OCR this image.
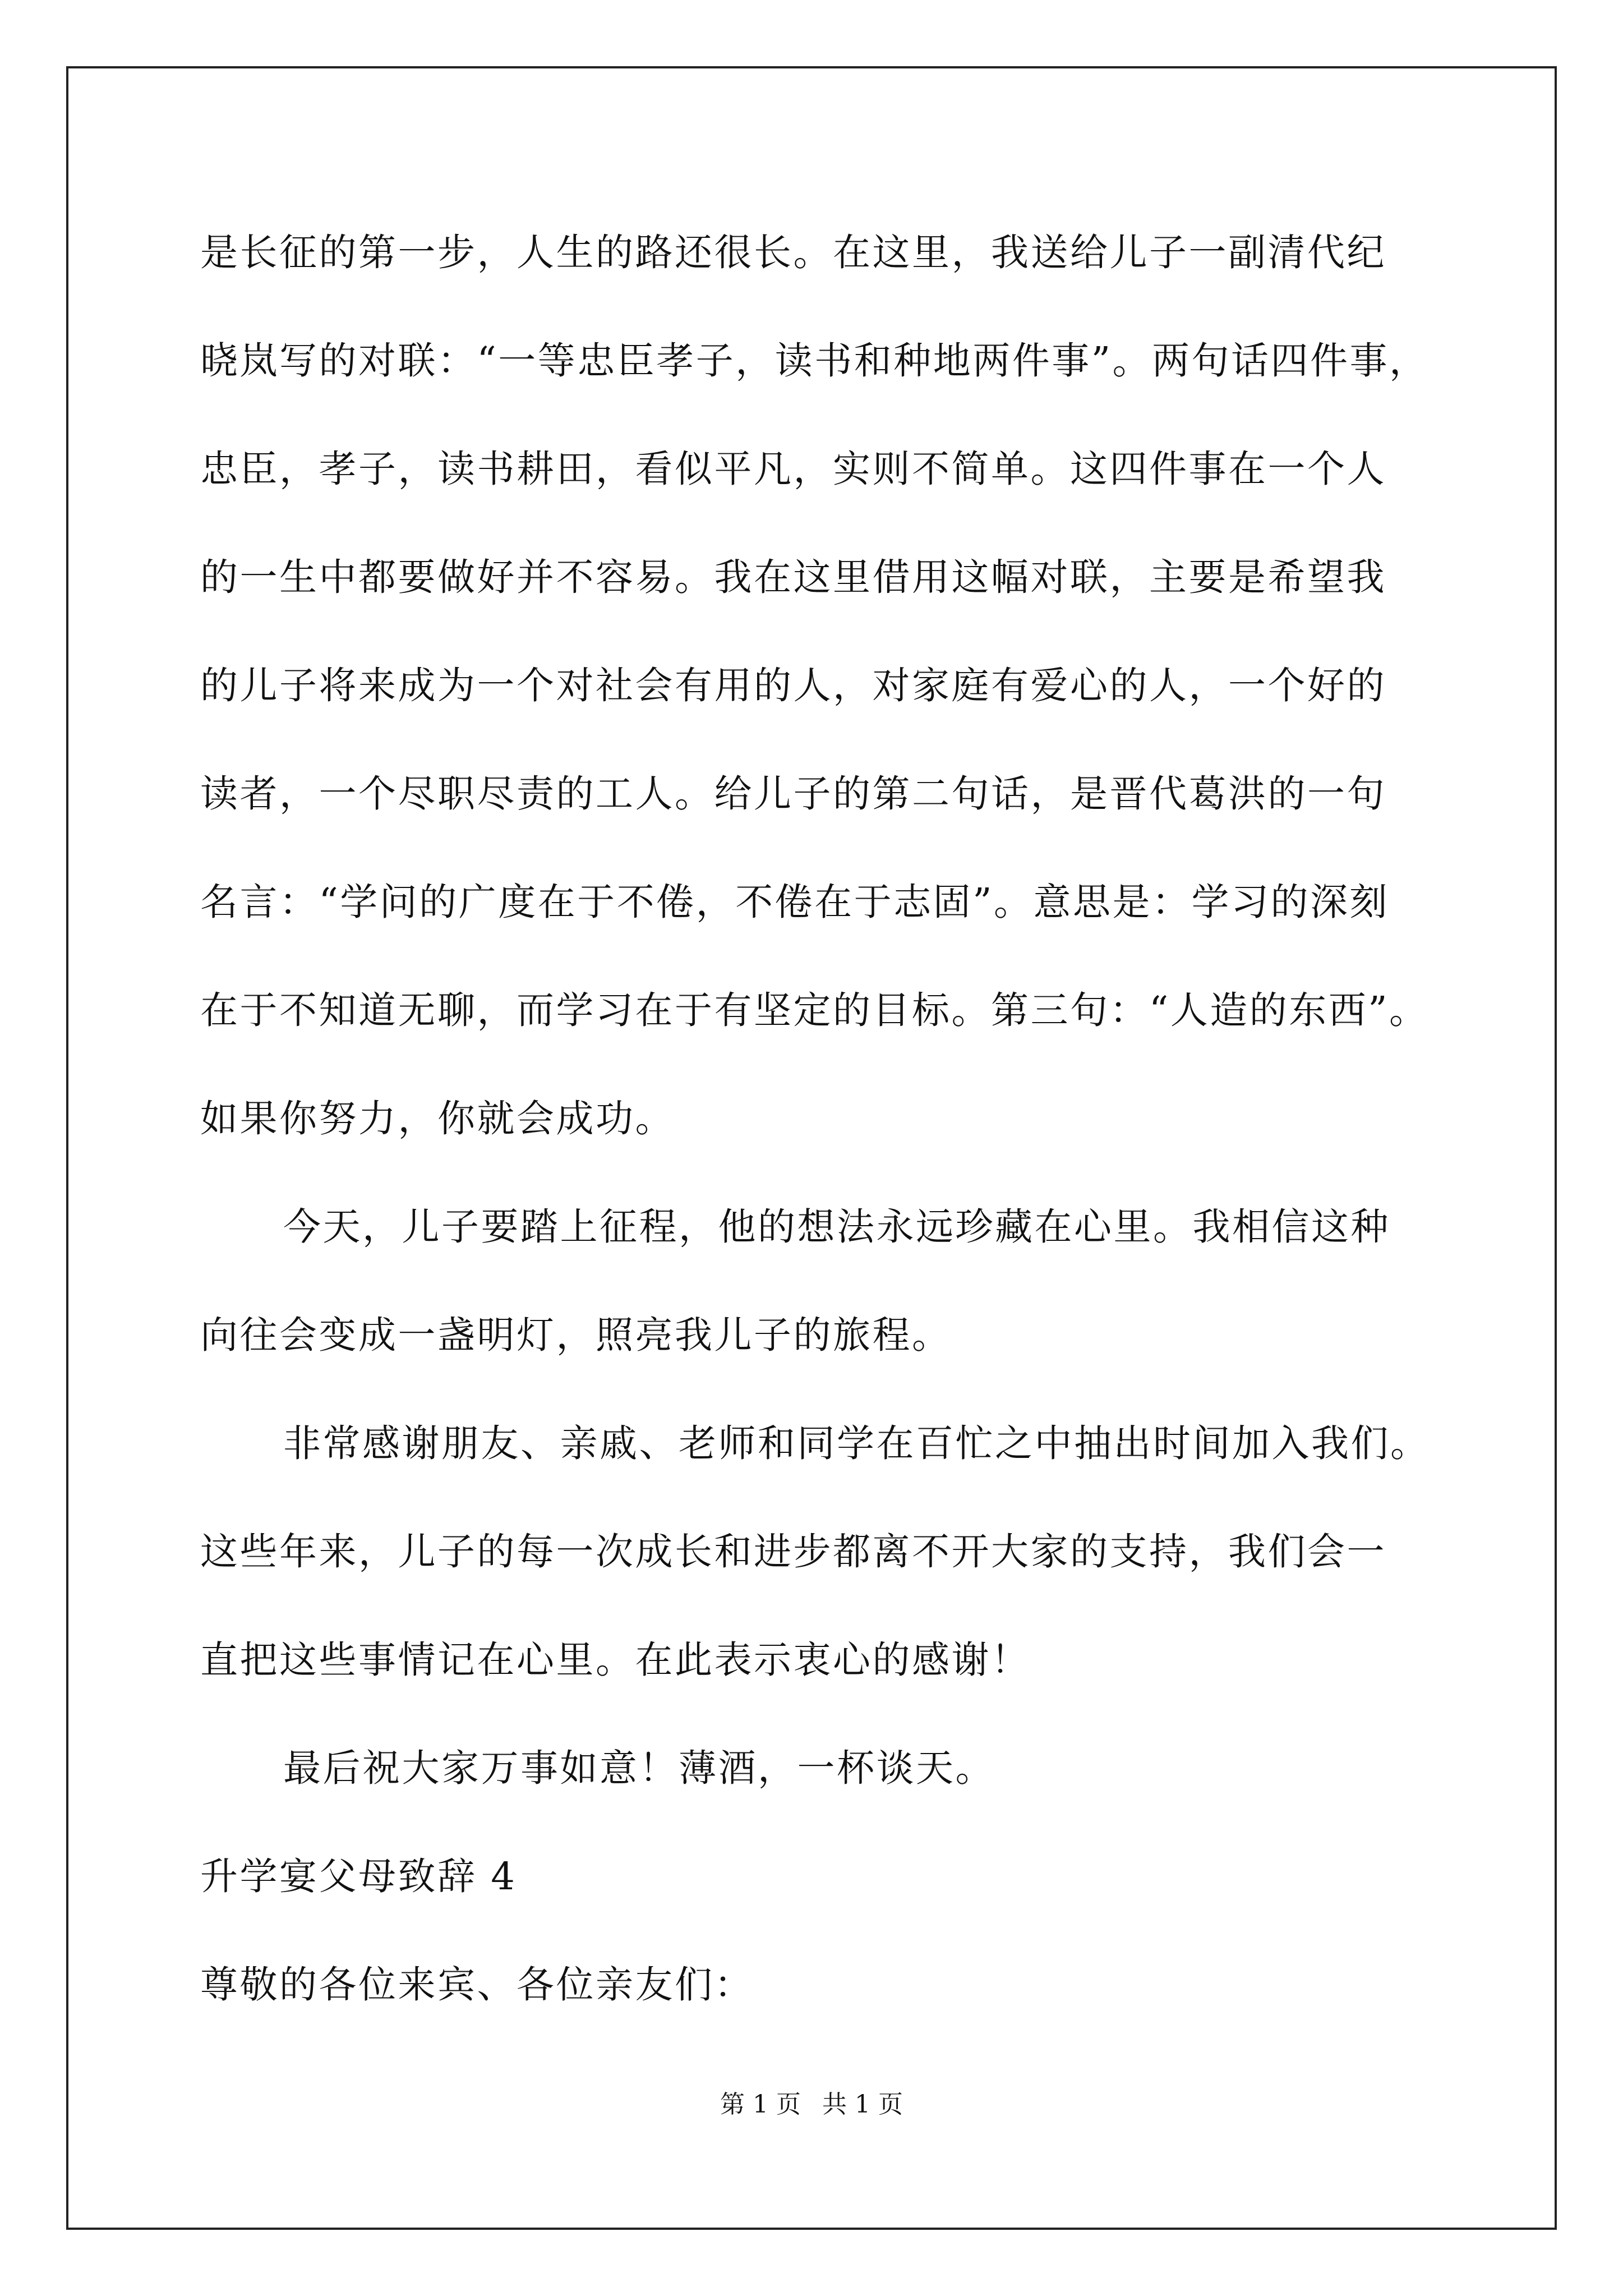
是长征的第一步，人生的路还很长。在这里，我送给儿子一副清代纪
晓岚写的对联：“一等忠臣孝子，读书和种地两件事”。两句话四件事，
忠臣，孝子，读书耕田，看似平凡，实则不简单。这四件事在一个人
的一生中都要做好并不容易。我在这里借用这幅对联，主要是希望我
的儿子将来成为一个对社会有用的人，对家庭有爱心的人，一个好的
读者，一个尽职尽责的工人。给儿子的第二句话，是晋代葛洪的一句
名言：“学问的广度在于不倦，不倦在于志固”。意思是：学习的深刻
在于不知道无聊，而学习在于有坚定的目标。第三句：“人造的东西”。
如果你努力，你就会成功。
今天，儿子要踏上征程，他的想法永远珍藏在心里。我相信这种
向往会变成一盏明灯，照亮我儿子的旅程。
非常感谢朋友、亲戚、老师和同学在百忙之中抽出时间加入我们。
这些年来，儿子的每一次成长和进步都离不开大家的支持，我们会一
直把这些事情记在心里。在此表示衷心的感谢！
最后祝大家万事如意！薄酒，一杯谈天。
升学宴父母致辞 4
尊敬的各位来宾、各位亲友们：
第 1 页 共 1 页
